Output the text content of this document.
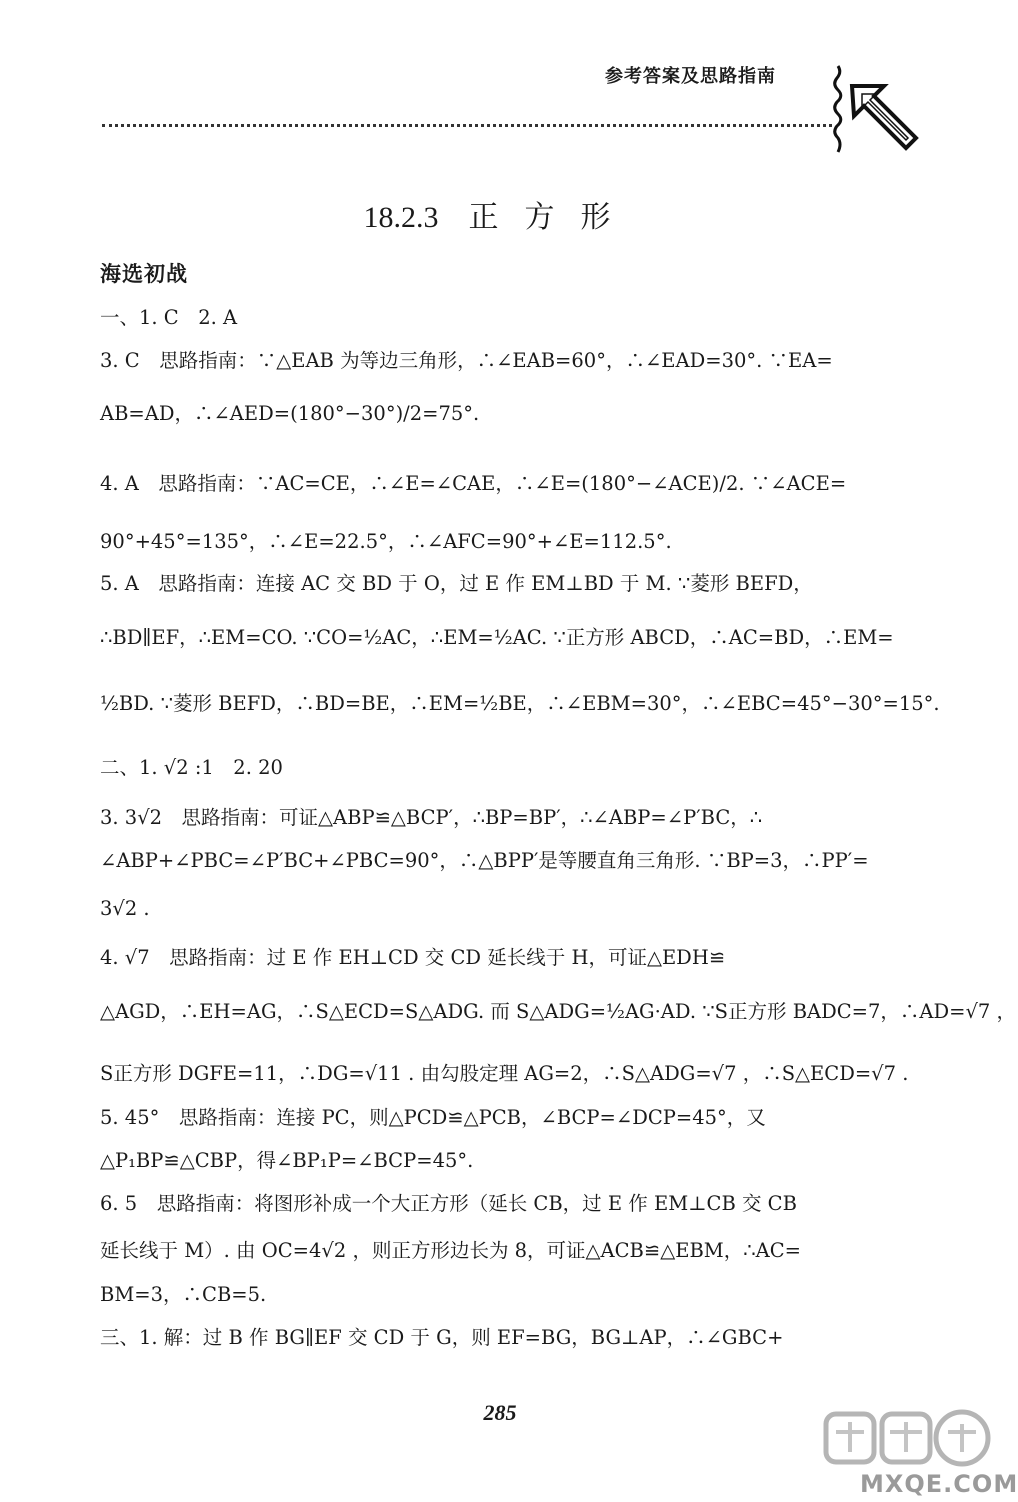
参考答案及思路指南
18.2.3 正方形
海选初战
一、1. C　2. A
3. C　思路指南：∵△EAB 为等边三角形，∴∠EAB=60°，∴∠EAD=30°. ∵EA=
AB=AD，∴∠AED=(180°−30°)/2=75°.
4. A　思路指南：∵AC=CE，∴∠E=∠CAE，∴∠E=(180°−∠ACE)/2. ∵∠ACE=
90°+45°=135°，∴∠E=22.5°，∴∠AFC=90°+∠E=112.5°.
5. A　思路指南：连接 AC 交 BD 于 O，过 E 作 EM⊥BD 于 M. ∵菱形 BEFD，
∴BD∥EF，∴EM=CO. ∵CO=½AC，∴EM=½AC. ∵正方形 ABCD，∴AC=BD，∴EM=
½BD. ∵菱形 BEFD，∴BD=BE，∴EM=½BE，∴∠EBM=30°，∴∠EBC=45°−30°=15°.
二、1. √2 :1　2. 20
3. 3√2　思路指南：可证△ABP≌△BCP′，∴BP=BP′，∴∠ABP=∠P′BC，∴
∠ABP+∠PBC=∠P′BC+∠PBC=90°，∴△BPP′是等腰直角三角形. ∵BP=3，∴PP′=
3√2 .
4. √7　思路指南：过 E 作 EH⊥CD 交 CD 延长线于 H，可证△EDH≌
△AGD，∴EH=AG，∴S△ECD=S△ADG. 而 S△ADG=½AG·AD. ∵S正方形 BADC=7，∴AD=√7 ，
S正方形 DGFE=11，∴DG=√11 . 由勾股定理 AG=2，∴S△ADG=√7 ，∴S△ECD=√7 .
5. 45°　思路指南：连接 PC，则△PCD≌△PCB，∠BCP=∠DCP=45°，又
△P₁BP≌△CBP，得∠BP₁P=∠BCP=45°.
6. 5　思路指南：将图形补成一个大正方形（延长 CB，过 E 作 EM⊥CB 交 CB
延长线于 M）. 由 OC=4√2 ，则正方形边长为 8，可证△ACB≌△EBM，∴AC=
BM=3，∴CB=5.
三、1. 解：过 B 作 BG∥EF 交 CD 于 G，则 EF=BG，BG⊥AP，∴∠GBC+
285
MXQE.COM
